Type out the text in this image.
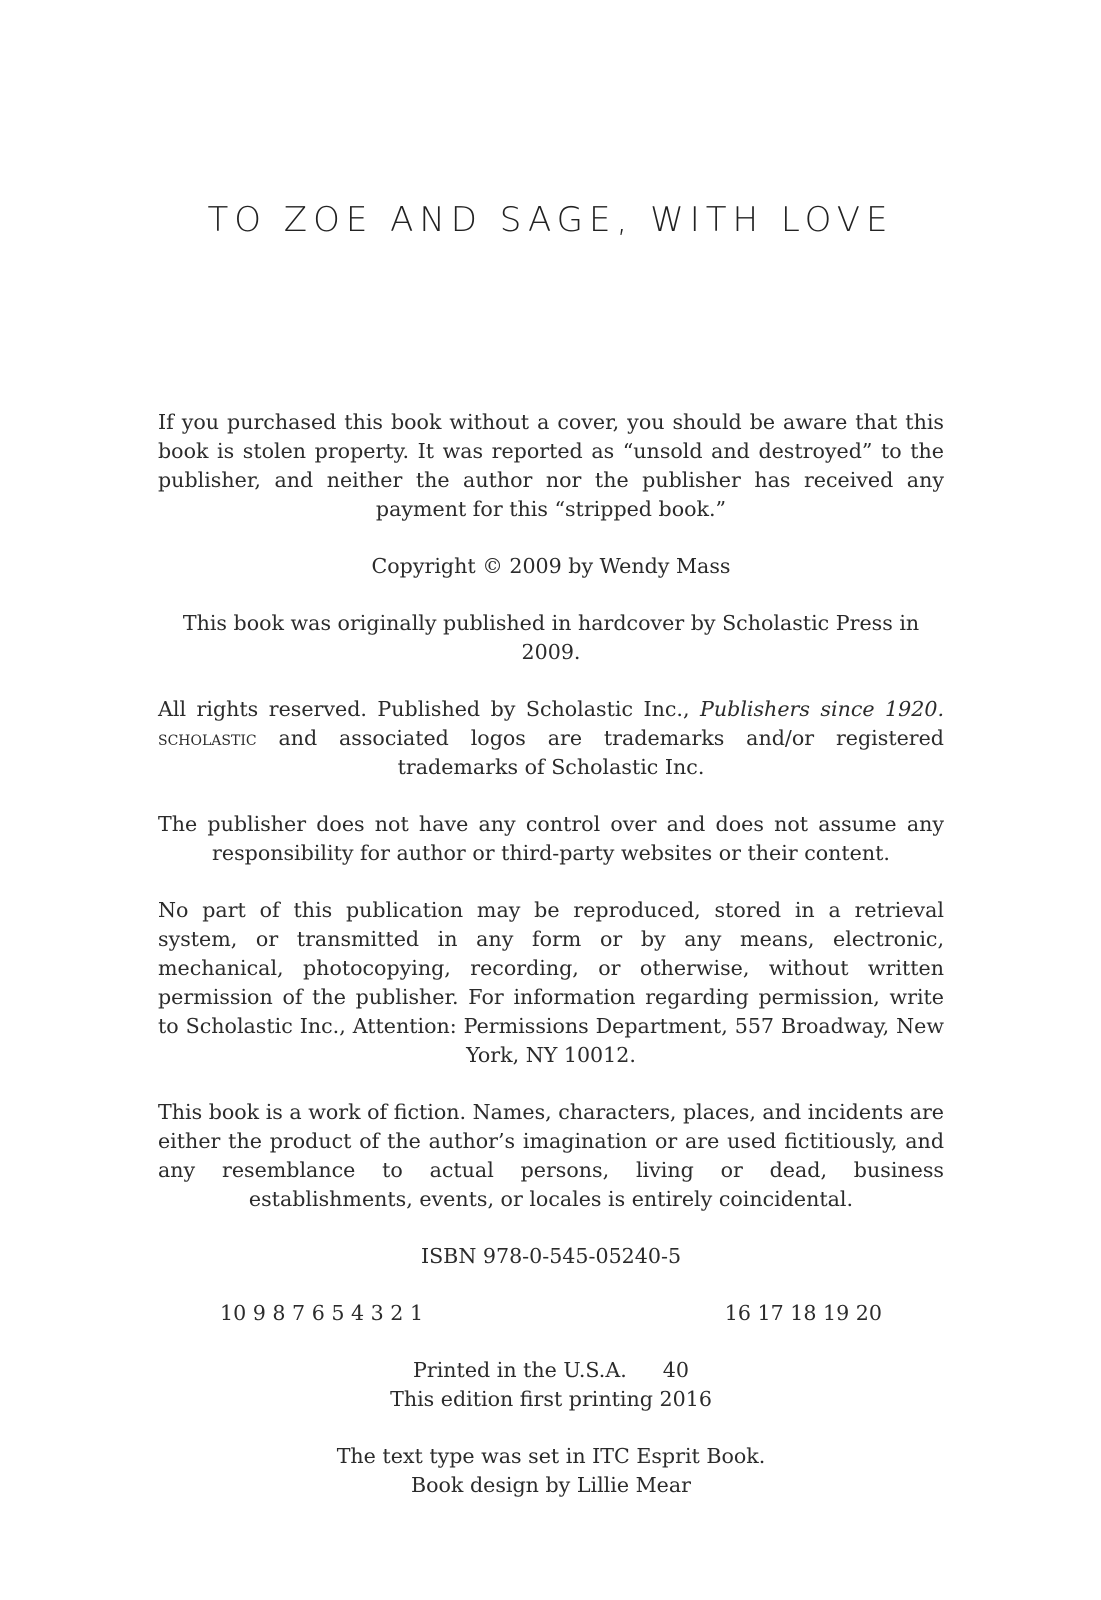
TO ZOE AND SAGE, WITH LOVE

If you purchased this book without a cover, you should be aware that this book is stolen property. It was reported as “unsold and destroyed” to the publisher, and neither the author nor the publisher has received any payment for this “stripped book.”

Copyright © 2009 by Wendy Mass

This book was originally published in hardcover by Scholastic Press in 2009.

All rights reserved. Published by Scholastic Inc., Publishers since 1920. scholastic and associated logos are trademarks and/or registered trademarks of Scholastic Inc.

The publisher does not have any control over and does not assume any responsibility for author or third-party websites or their content.

No part of this publication may be reproduced, stored in a retrieval system, or transmitted in any form or by any means, electronic, mechanical, photocopying, recording, or otherwise, without written permission of the publisher. For information regarding permission, write to Scholastic Inc., Attention: Permissions Department, 557 Broadway, New York, NY 10012.

This book is a work of fiction. Names, characters, places, and incidents are either the product of the author’s imagination or are used fictitiously, and any resemblance to actual persons, living or dead, business establishments, events, or locales is entirely coincidental.

ISBN 978-0-545-05240-5

10 9 8 7 6 5 4 3 2 1	16 17 18 19 20

Printed in the U.S.A. 40
This edition first printing 2016

The text type was set in ITC Esprit Book.
Book design by Lillie Mear
